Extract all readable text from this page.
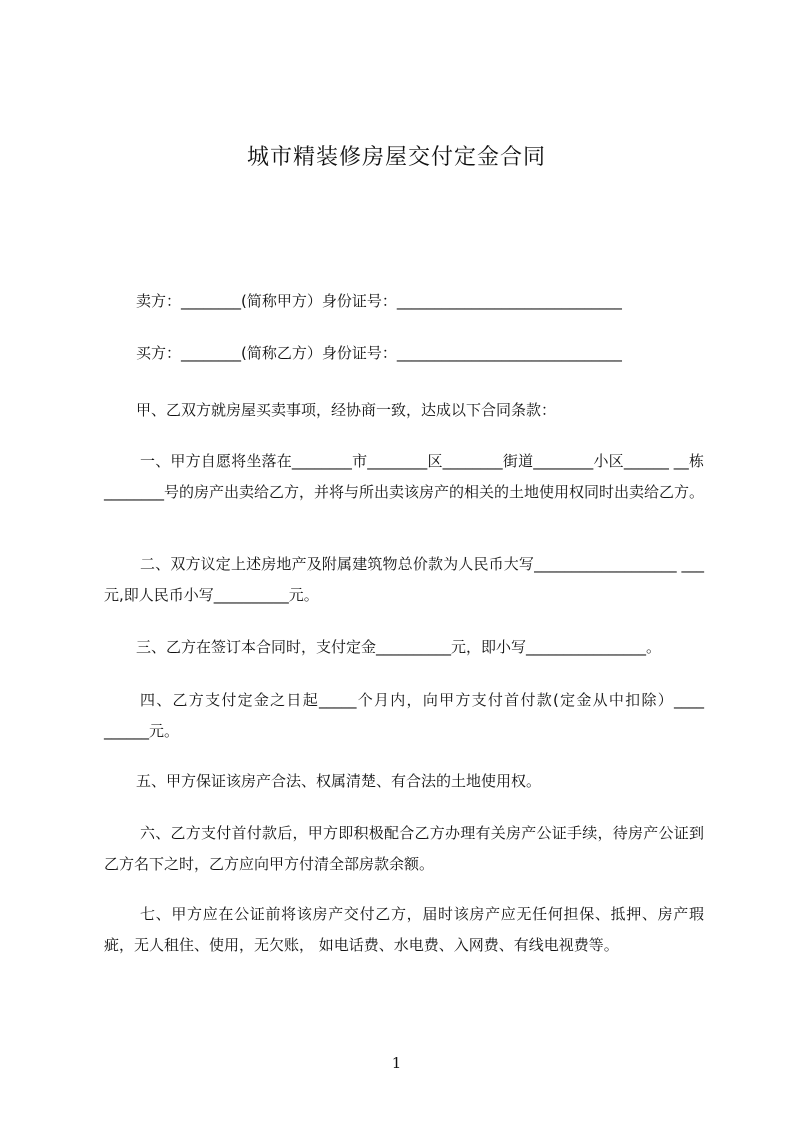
城市精装修房屋交付定金合同
卖方：________(简称甲方）身份证号：______________________________
买方：________(简称乙方）身份证号：______________________________
甲、乙双方就房屋买卖事项，经协商一致，达成以下合同条款：
一、甲方自愿将坐落在________市________区________街道________小区______ __栋________号的房产出卖给乙方，并将与所出卖该房产的相关的土地使用权同时出卖给乙方。
二、双方议定上述房地产及附属建筑物总价款为人民币大写___________________ ___元,即人民币小写__________元。
三、乙方在签订本合同时，支付定金__________元，即小写________________。
四、乙方支付定金之日起_____个月内，向甲方支付首付款(定金从中扣除）____ ______元。
五、甲方保证该房产合法、权属清楚、有合法的土地使用权。
六、乙方支付首付款后，甲方即积极配合乙方办理有关房产公证手续，待房产公证到乙方名下之时，乙方应向甲方付清全部房款余额。
七、甲方应在公证前将该房产交付乙方，届时该房产应无任何担保、抵押、房产瑕疵，无人租住、使用，无欠账， 如电话费、水电费、入网费、有线电视费等。
1
